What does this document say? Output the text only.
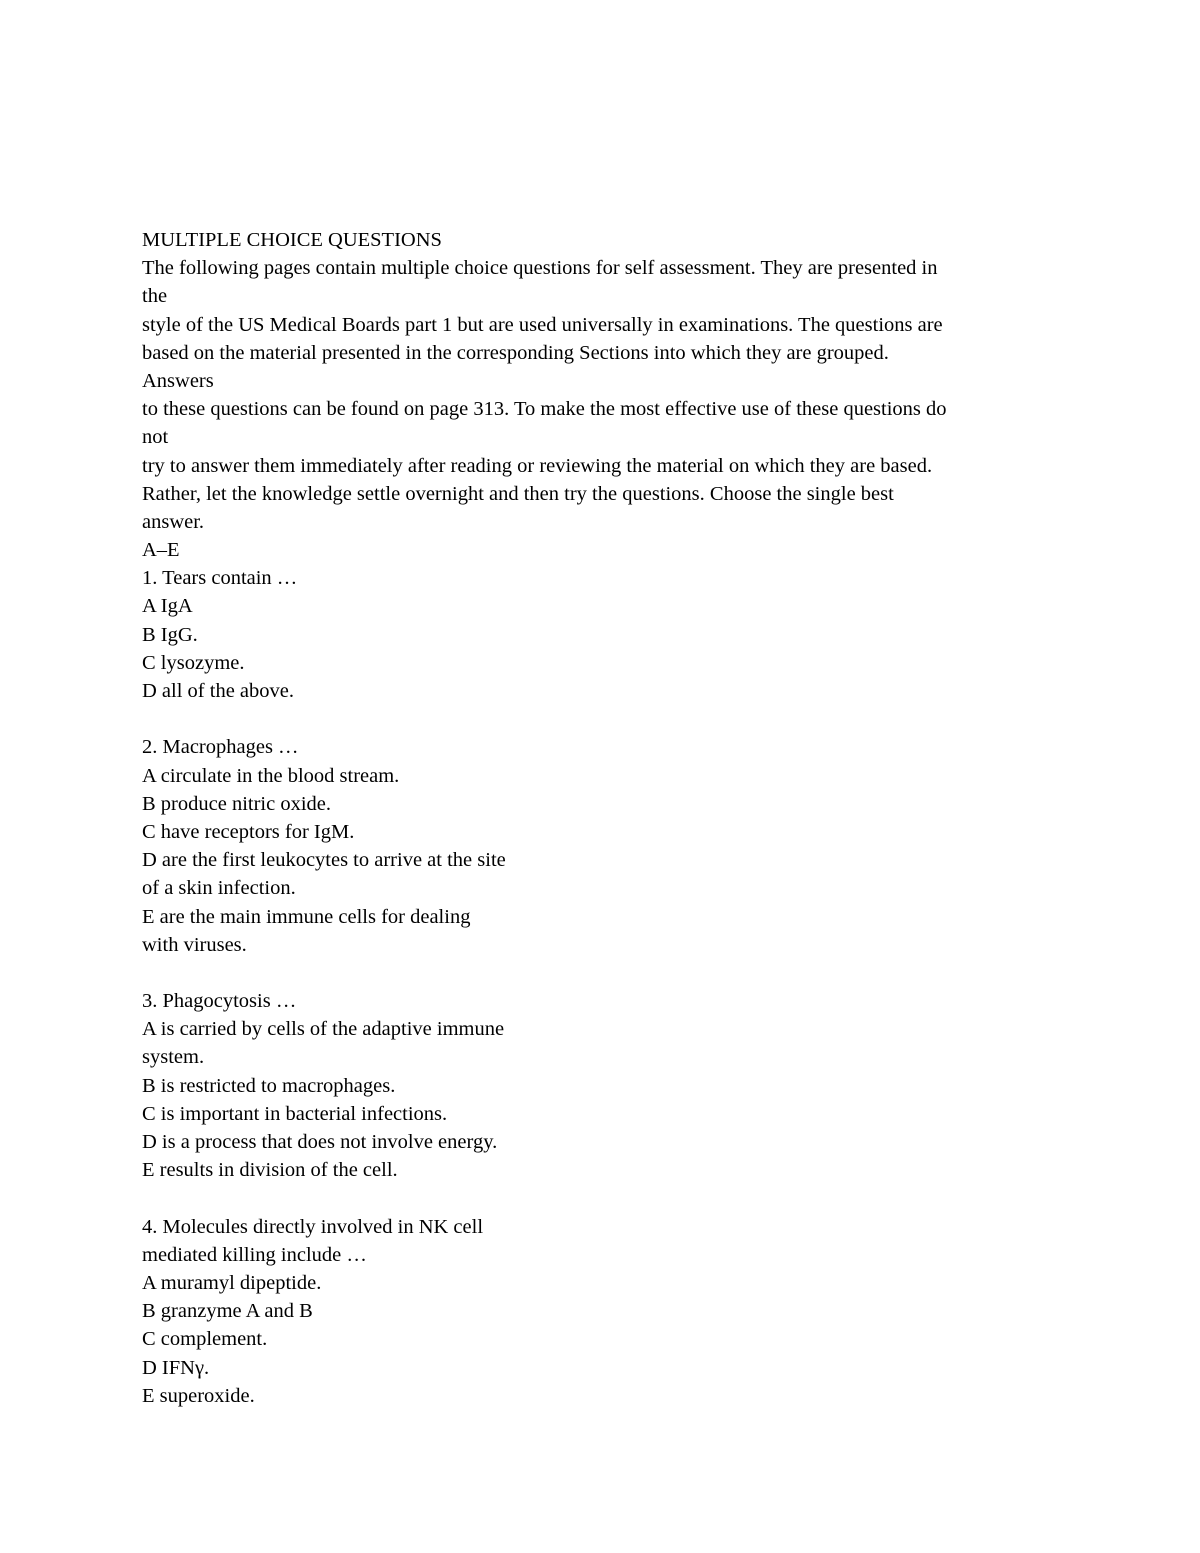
MULTIPLE CHOICE QUESTIONS
The following pages contain multiple choice questions for self assessment. They are presented in
the
style of the US Medical Boards part 1 but are used universally in examinations. The questions are
based on the material presented in the corresponding Sections into which they are grouped.
Answers
to these questions can be found on page 313. To make the most effective use of these questions do
not
try to answer them immediately after reading or reviewing the material on which they are based.
Rather, let the knowledge settle overnight and then try the questions. Choose the single best
answer.
A–E
1. Tears contain …
A IgA
B IgG.
C lysozyme.
D all of the above.
2. Macrophages …
A circulate in the blood stream.
B produce nitric oxide.
C have receptors for IgM.
D are the first leukocytes to arrive at the site
of a skin infection.
E are the main immune cells for dealing
with viruses.
3. Phagocytosis …
A is carried by cells of the adaptive immune
system.
B is restricted to macrophages.
C is important in bacterial infections.
D is a process that does not involve energy.
E results in division of the cell.
4. Molecules directly involved in NK cell
mediated killing include …
A muramyl dipeptide.
B granzyme A and B
C complement.
D IFNγ.
E superoxide.
